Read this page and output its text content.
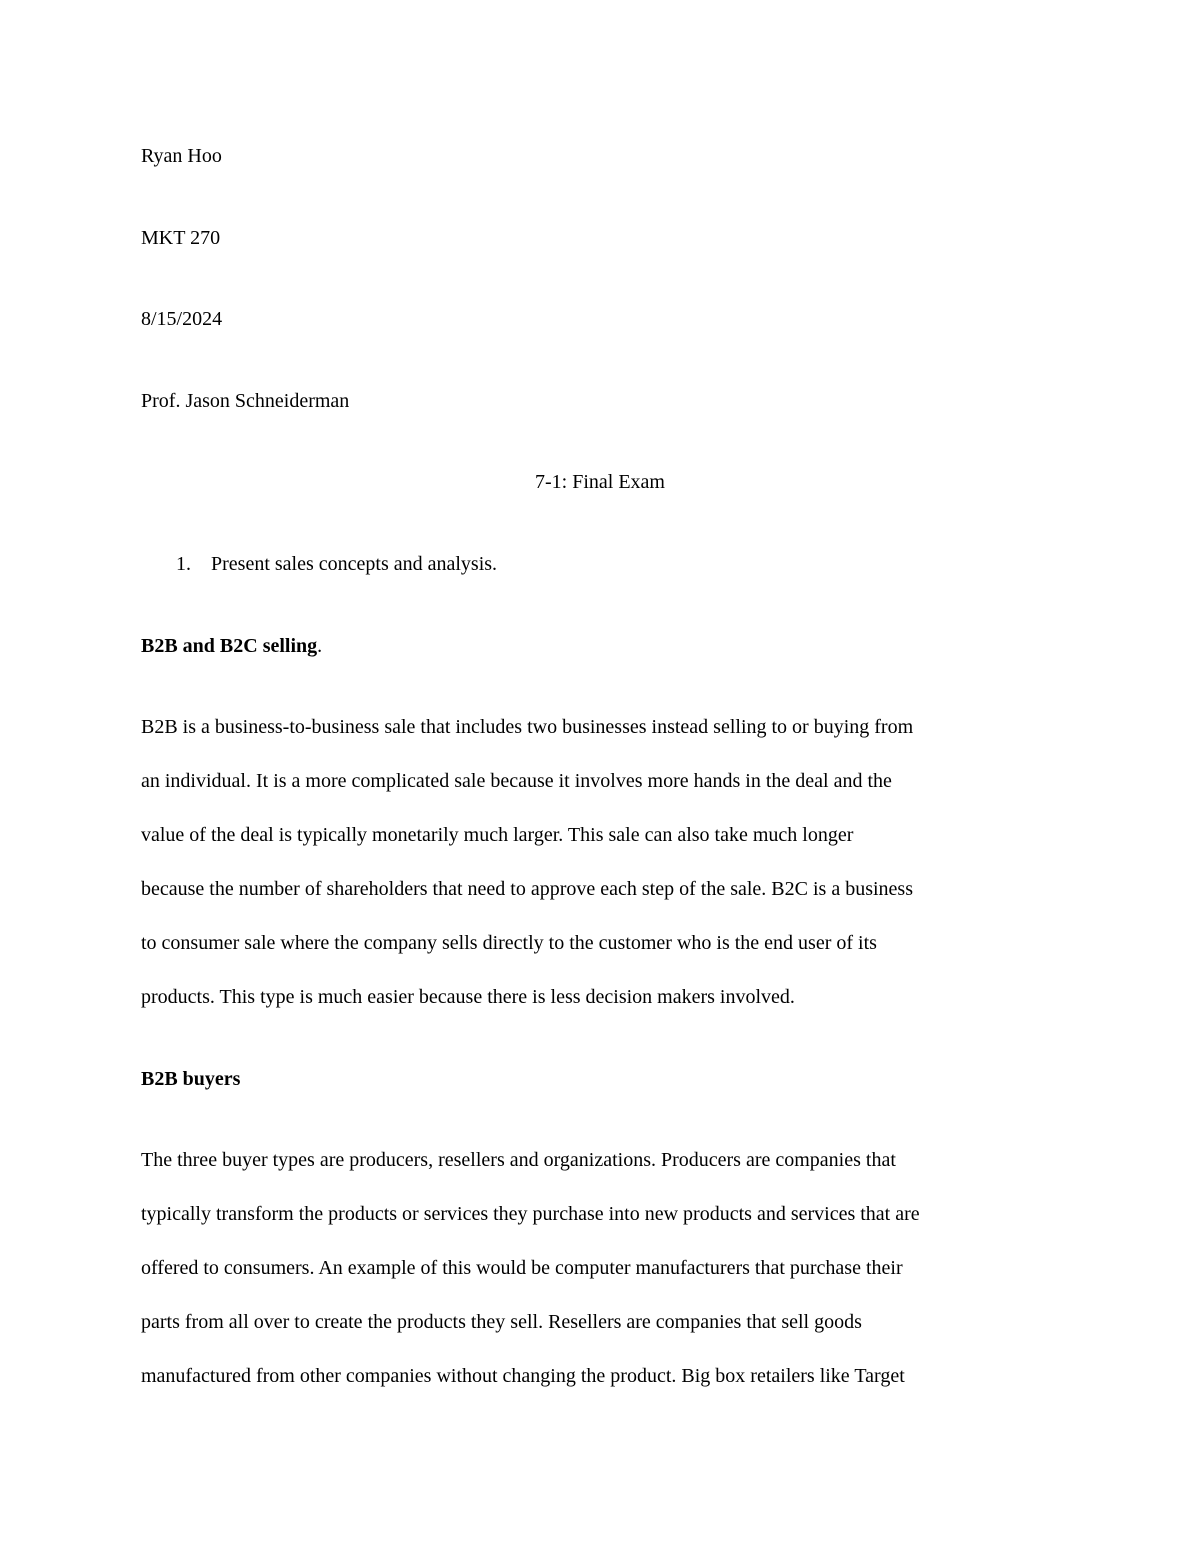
Ryan Hoo

MKT 270

8/15/2024

Prof. Jason Schneiderman

7-1: Final Exam

1. Present sales concepts and analysis.

B2B and B2C selling.

B2B is a business-to-business sale that includes two businesses instead selling to or buying from
an individual. It is a more complicated sale because it involves more hands in the deal and the
value of the deal is typically monetarily much larger. This sale can also take much longer
because the number of shareholders that need to approve each step of the sale. B2C is a business
to consumer sale where the company sells directly to the customer who is the end user of its
products. This type is much easier because there is less decision makers involved.

B2B buyers

The three buyer types are producers, resellers and organizations. Producers are companies that
typically transform the products or services they purchase into new products and services that are
offered to consumers. An example of this would be computer manufacturers that purchase their
parts from all over to create the products they sell. Resellers are companies that sell goods
manufactured from other companies without changing the product. Big box retailers like Target
